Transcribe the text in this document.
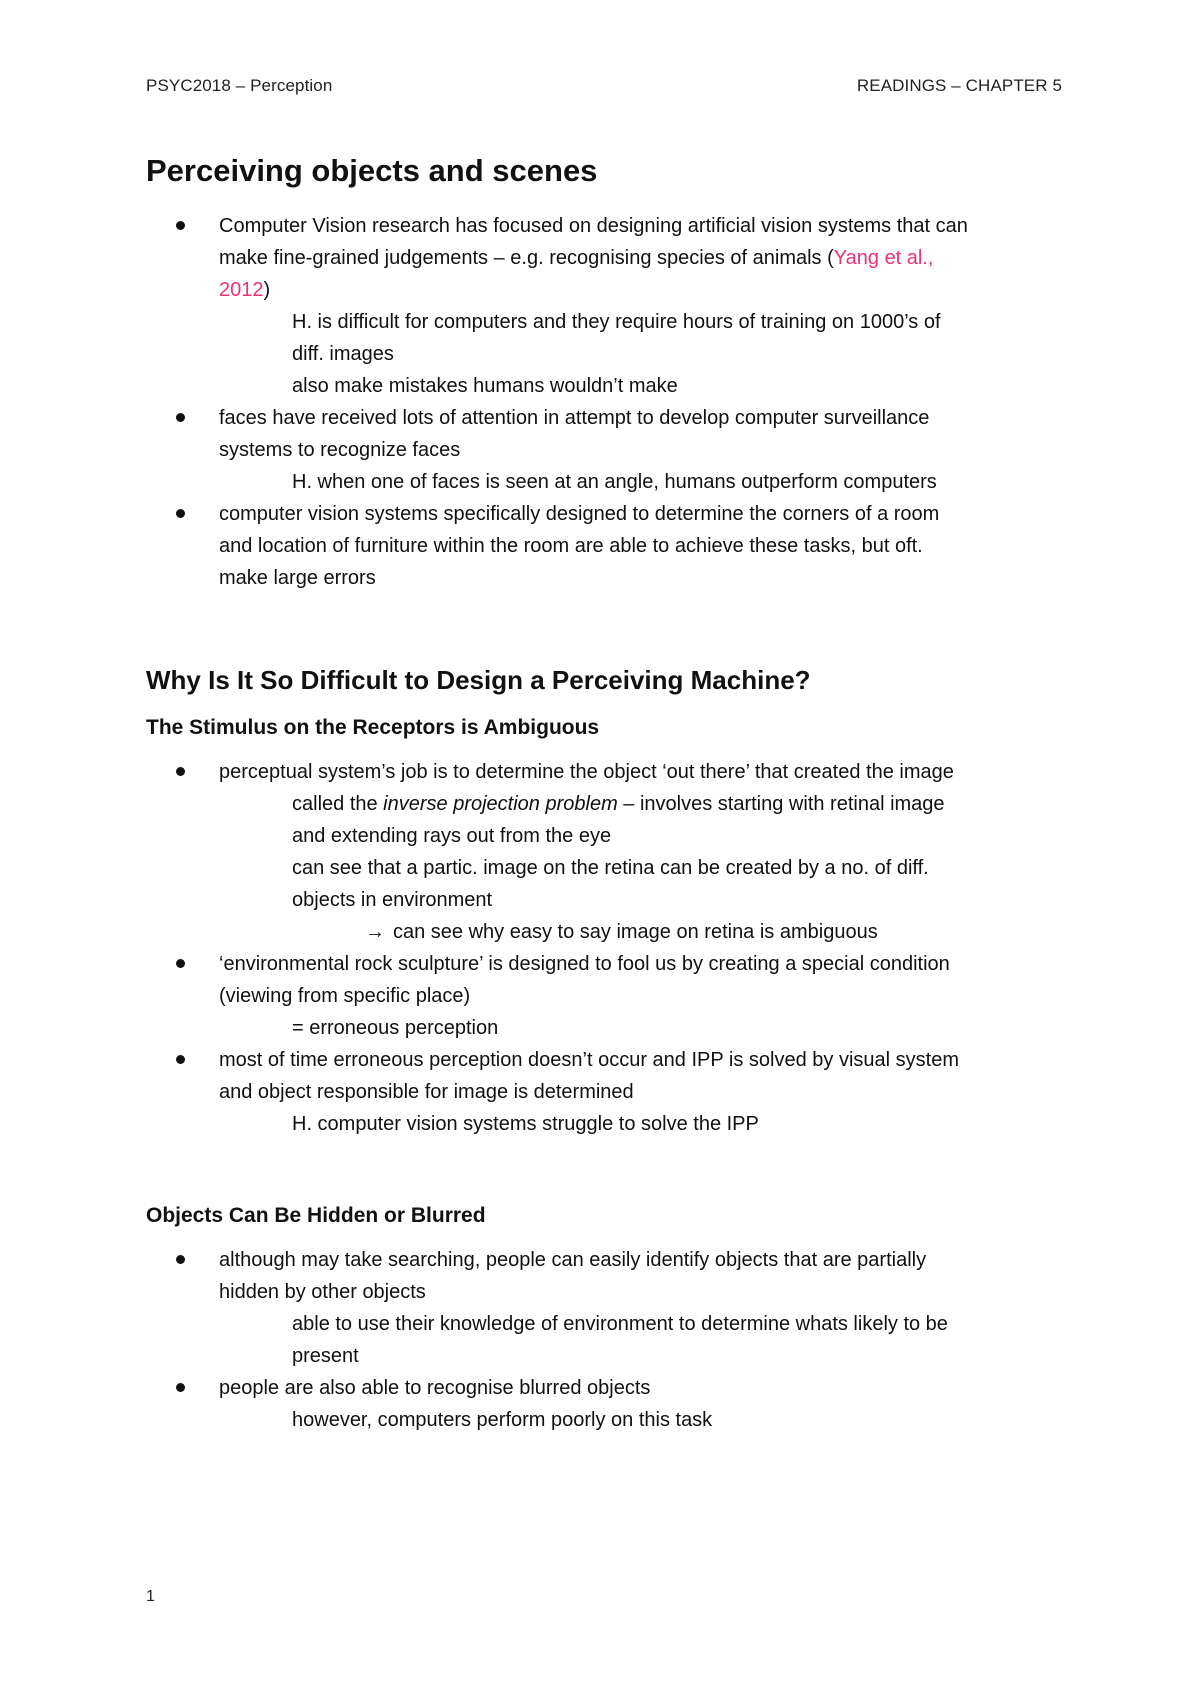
PSYC2018 – Perception	READINGS – CHAPTER 5
Perceiving objects and scenes
Computer Vision research has focused on designing artificial vision systems that can
make fine-grained judgements – e.g. recognising species of animals (Yang et al.,
2012)
H. is difficult for computers and they require hours of training on 1000’s of
diff. images
also make mistakes humans wouldn’t make
faces have received lots of attention in attempt to develop computer surveillance
systems to recognize faces
H. when one of faces is seen at an angle, humans outperform computers
computer vision systems specifically designed to determine the corners of a room
and location of furniture within the room are able to achieve these tasks, but oft.
make large errors
Why Is It So Difficult to Design a Perceiving Machine?
The Stimulus on the Receptors is Ambiguous
perceptual system’s job is to determine the object ‘out there’ that created the image
called the inverse projection problem – involves starting with retinal image
and extending rays out from the eye
can see that a partic. image on the retina can be created by a no. of diff.
objects in environment
→ can see why easy to say image on retina is ambiguous
‘environmental rock sculpture’ is designed to fool us by creating a special condition
(viewing from specific place)
= erroneous perception
most of time erroneous perception doesn’t occur and IPP is solved by visual system
and object responsible for image is determined
H. computer vision systems struggle to solve the IPP
Objects Can Be Hidden or Blurred
although may take searching, people can easily identify objects that are partially
hidden by other objects
able to use their knowledge of environment to determine whats likely to be
present
people are also able to recognise blurred objects
however, computers perform poorly on this task
1
